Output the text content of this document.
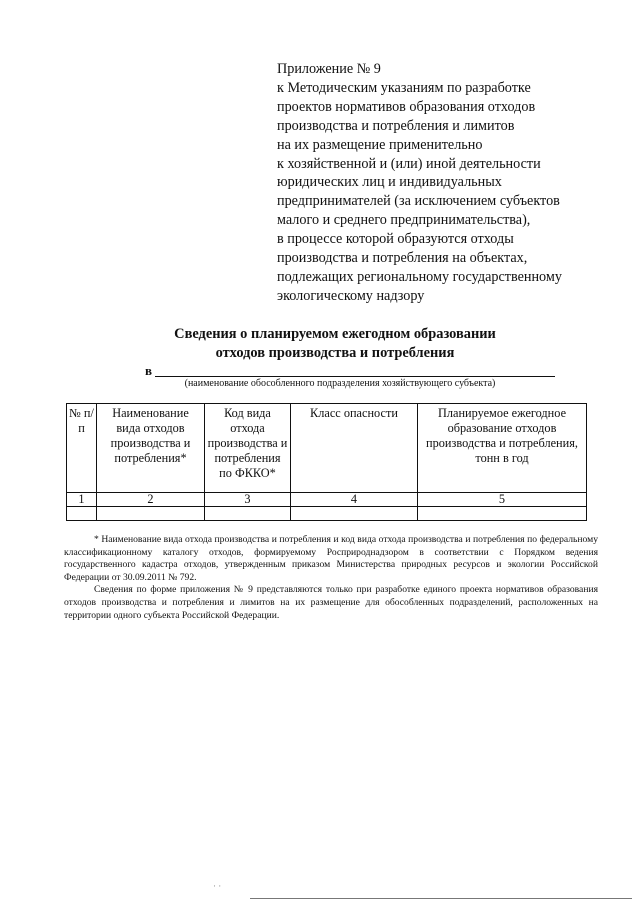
Приложение № 9
к Методическим указаниям по разработке
проектов нормативов образования отходов
производства и потребления и лимитов
на их размещение применительно
к хозяйственной и (или) иной деятельности
юридических лиц и индивидуальных
предпринимателей (за исключением субъектов
малого и среднего предпринимательства),
в процессе которой образуются отходы
производства и потребления на объектах,
подлежащих региональному государственному
экологическому надзору
Сведения о планируемом ежегодном образовании
отходов производства и потребления
в
(наименование обособленного подразделения хозяйствующего субъекта)
№ п/п	Наименование вида отходов производства и потребления*	Код вида отхода производства и потребления по ФККО*	Класс опасности	Планируемое ежегодное образование отходов производства и потребления, тонн в год
1	2	3	4	5

* Наименование вида отхода производства и потребления и код вида отхода производства и потребления по федеральному классификационному каталогу отходов, формируемому Росприроднадзором в соответствии с Порядком ведения государственного кадастра отходов, утвержденным приказом Министерства природных ресурсов и экологии Российской Федерации от 30.09.2011 № 792.

Сведения по форме приложения № 9 представляются только при разработке единого проекта нормативов образования отходов производства и потребления и лимитов на их размещение для обособленных подразделений, расположенных на территории одного субъекта Российской Федерации.

· ·
